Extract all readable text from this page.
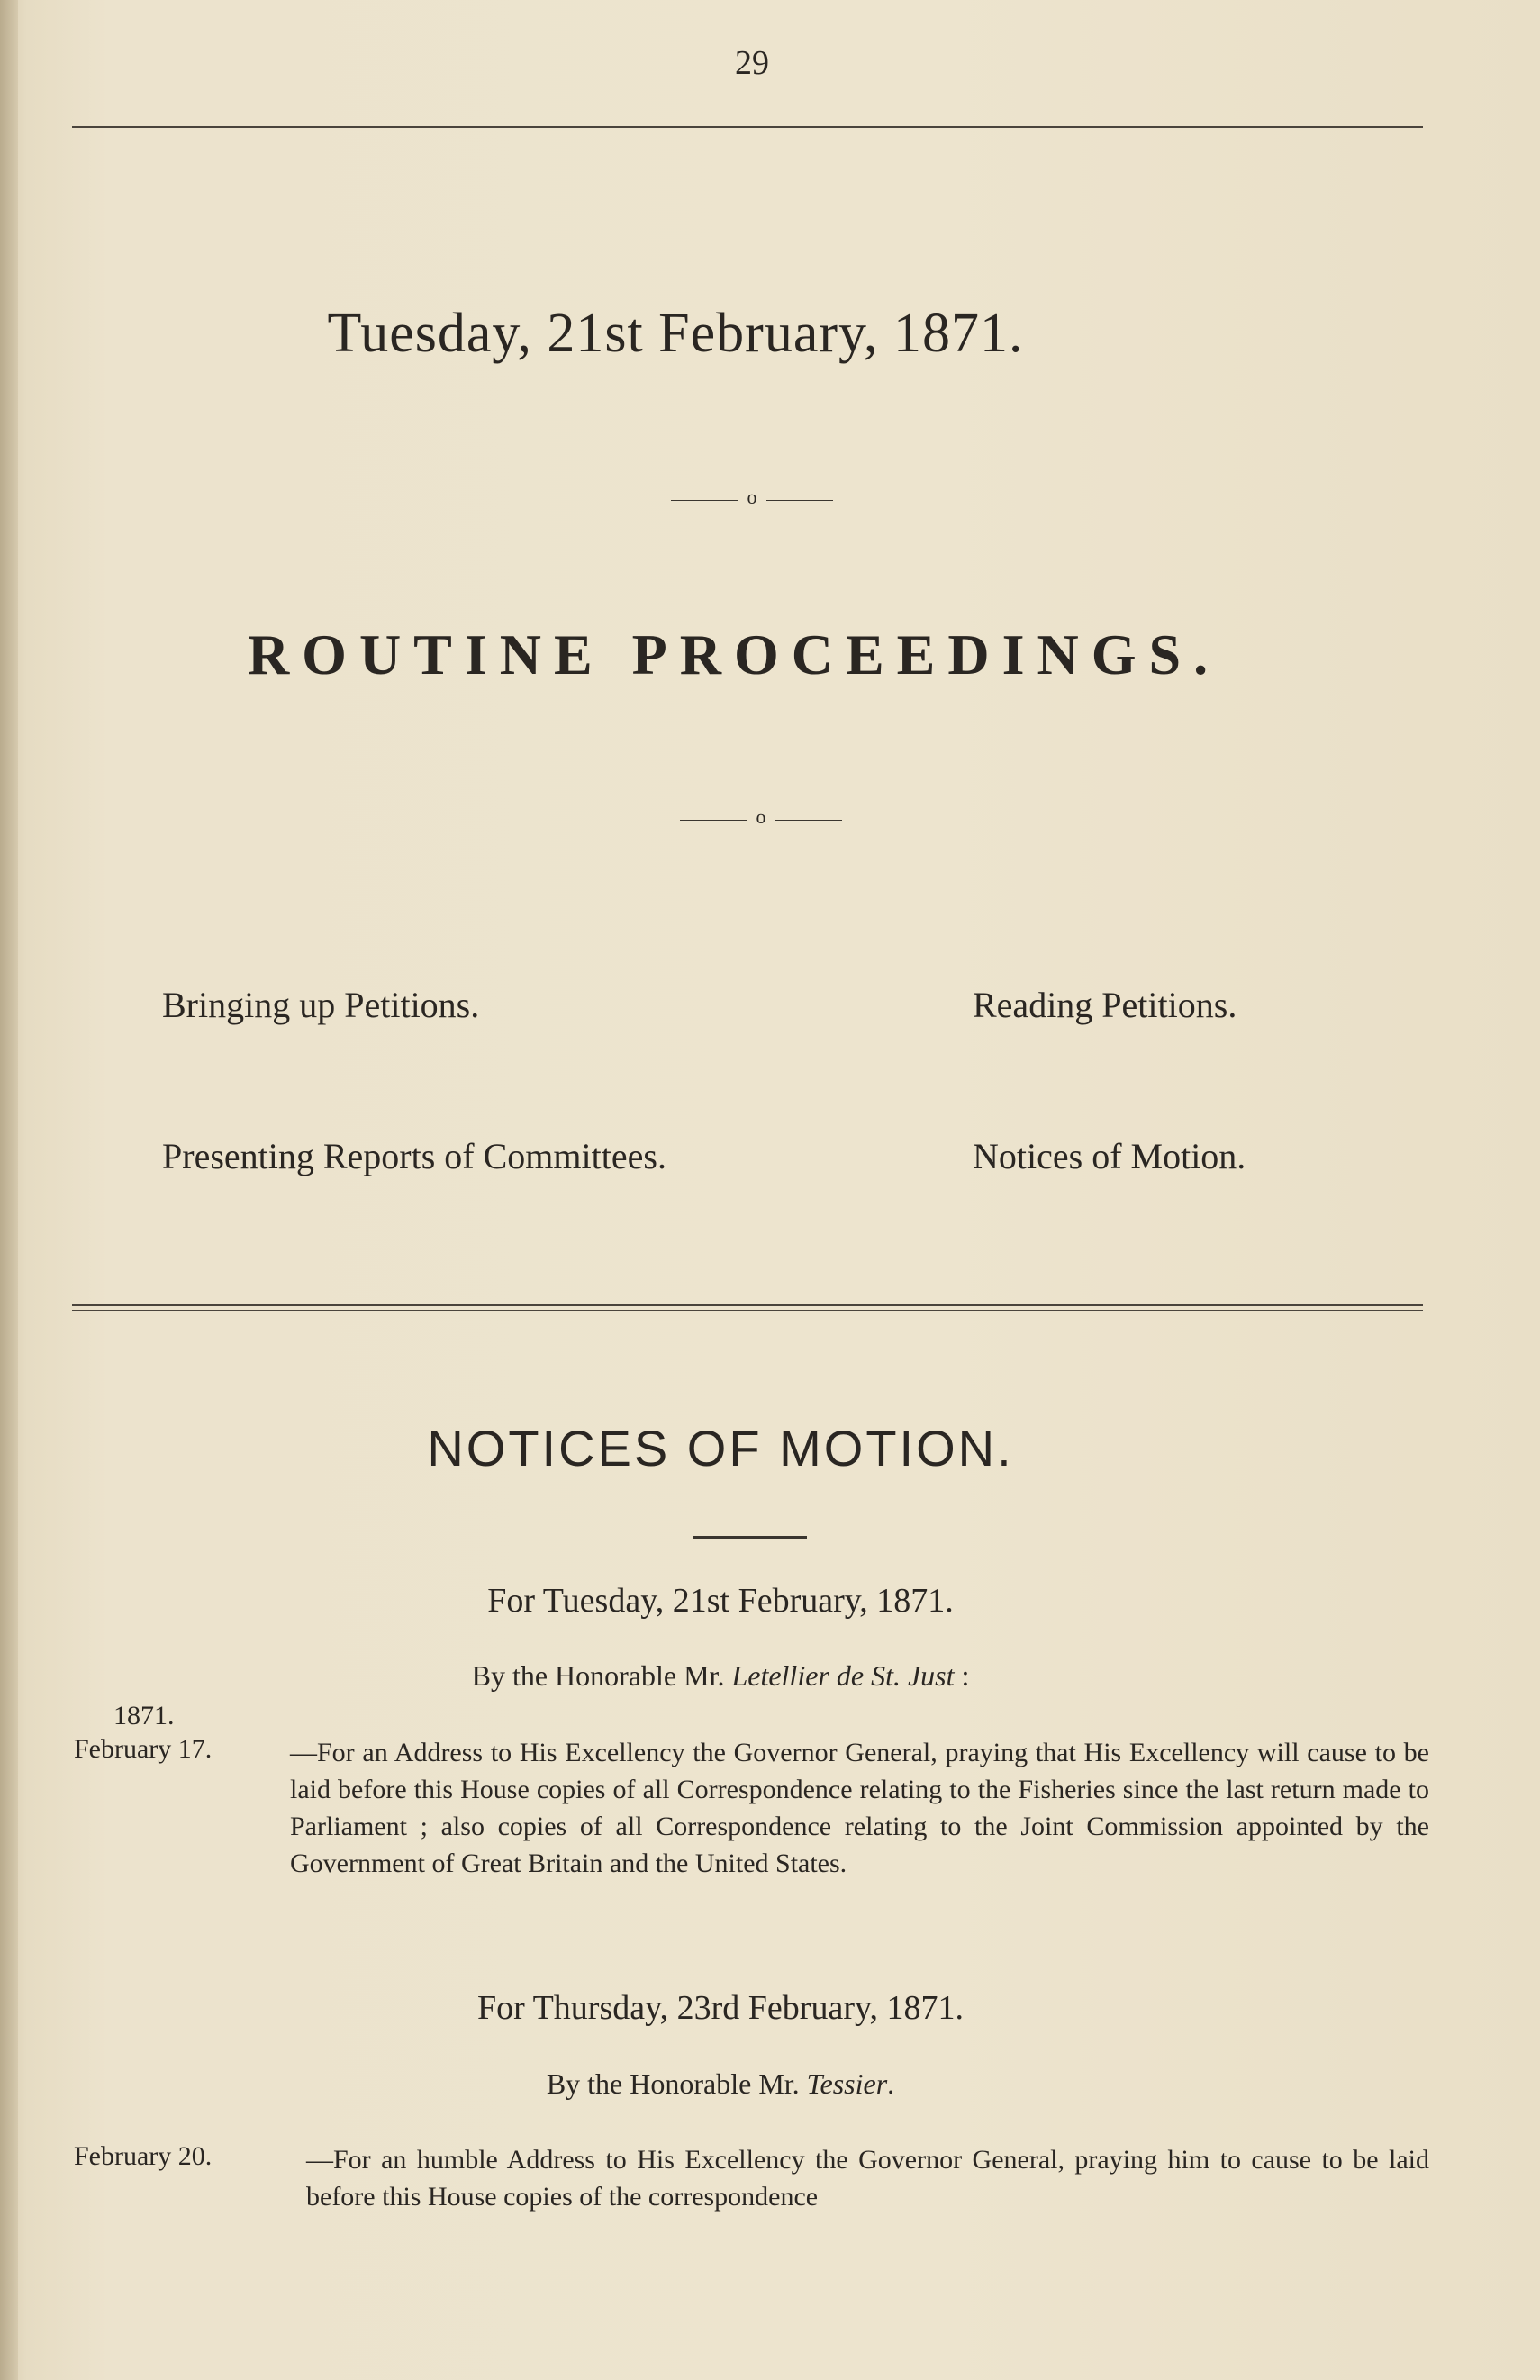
29
Tuesday, 21st February, 1871.
o
ROUTINE PROCEEDINGS.
o
Bringing up Petitions.	Reading Petitions.
Presenting Reports of Committees.	Notices of Motion.
NOTICES OF MOTION.
For Tuesday, 21st February, 1871.
By the Honorable Mr. Letellier de St. Just :
1871.
February 17.	—For an Address to His Excellency the Governor General, praying that His Excellency will cause to be laid before this House copies of all Correspondence relating to the Fisheries since the last return made to Parliament ; also copies of all Correspondence relating to the Joint Commission appointed by the Government of Great Britain and the United States.
For Thursday, 23rd February, 1871.
By the Honorable Mr. Tessier.
February 20.	—For an humble Address to His Excellency the Governor General, praying him to cause to be laid before this House copies of the correspondence
